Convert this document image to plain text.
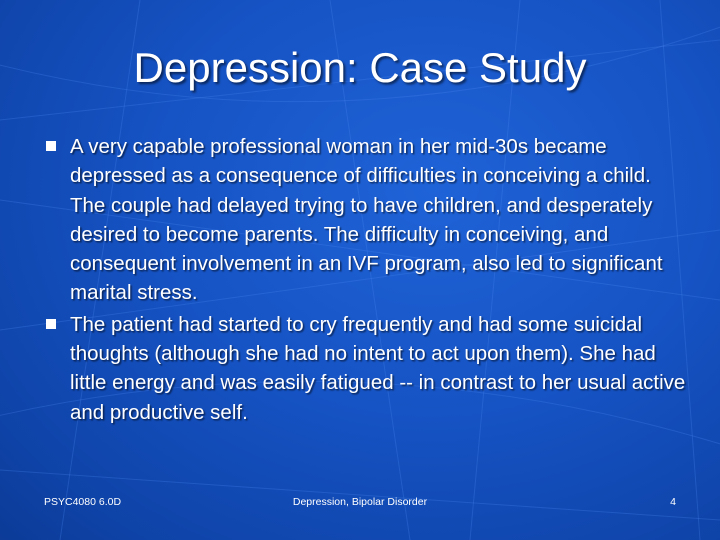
Depression: Case Study
A very capable professional woman in her mid-30s became depressed as a consequence of difficulties in conceiving a child. The couple had delayed trying to have children, and desperately desired to become parents. The difficulty in conceiving, and consequent involvement in an IVF program, also led to significant marital stress.
The patient had started to cry frequently and had some suicidal thoughts (although she had no intent to act upon them). She had little energy and was easily fatigued -- in contrast to her usual active and productive self.
PSYC4080 6.0D	Depression, Bipolar Disorder	4
